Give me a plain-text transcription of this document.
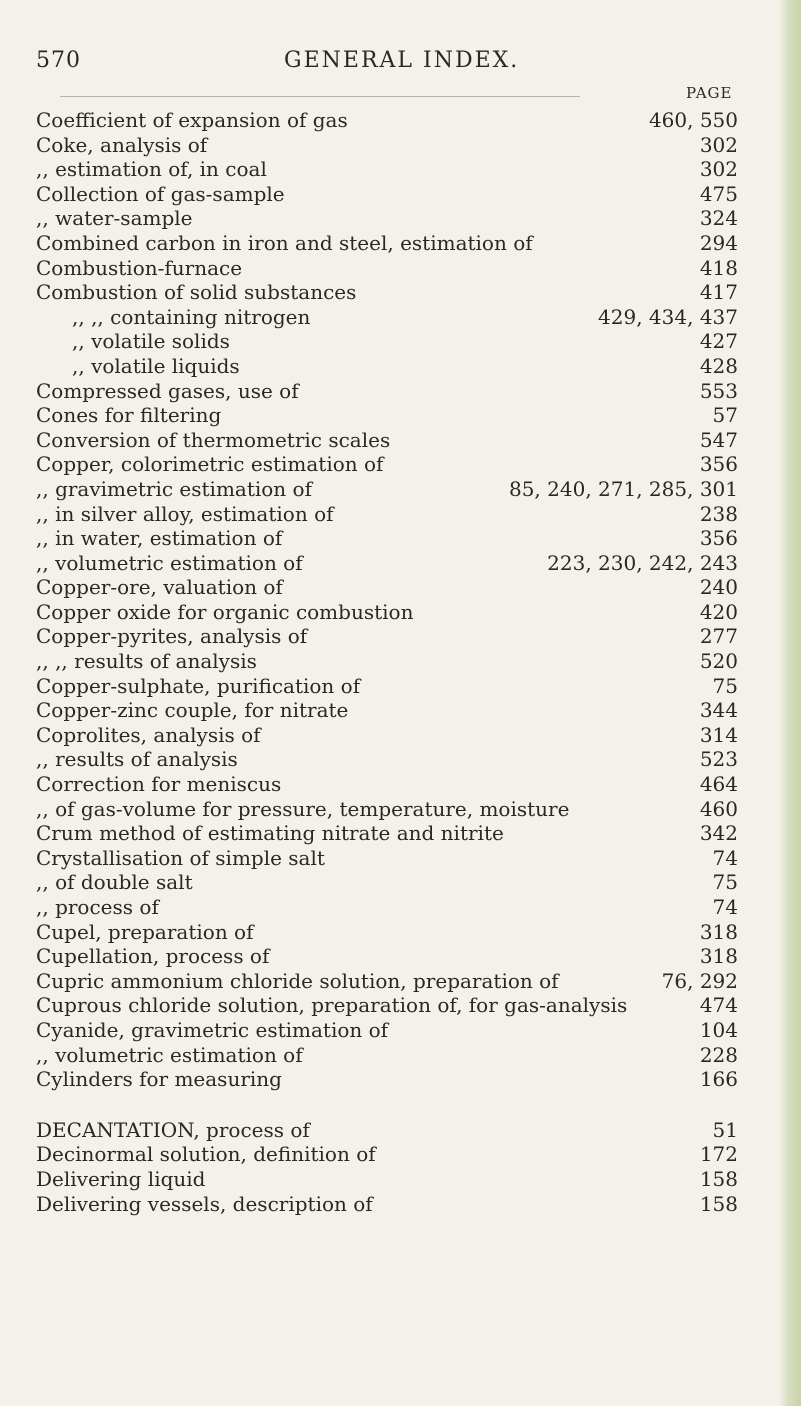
570	GENERAL INDEX.
PAGE
Coefficient of expansion of gas	460, 550
Coke, analysis of	302
,, estimation of, in coal	302
Collection of gas-sample	475
,, water-sample	324
Combined carbon in iron and steel, estimation of	294
Combustion-furnace	418
Combustion of solid substances	417
,, ,, containing nitrogen	429, 434, 437
,, volatile solids	427
,, volatile liquids	428
Compressed gases, use of	553
Cones for filtering	57
Conversion of thermometric scales	547
Copper, colorimetric estimation of	356
,, gravimetric estimation of	85, 240, 271, 285, 301
,, in silver alloy, estimation of	238
,, in water, estimation of	356
,, volumetric estimation of	223, 230, 242, 243
Copper-ore, valuation of	240
Copper oxide for organic combustion	420
Copper-pyrites, analysis of	277
,, ,, results of analysis	520
Copper-sulphate, purification of	75
Copper-zinc couple, for nitrate	344
Coprolites, analysis of	314
,, results of analysis	523
Correction for meniscus	464
,, of gas-volume for pressure, temperature, moisture	460
Crum method of estimating nitrate and nitrite	342
Crystallisation of simple salt	74
,, of double salt	75
,, process of	74
Cupel, preparation of	318
Cupellation, process of	318
Cupric ammonium chloride solution, preparation of	76, 292
Cuprous chloride solution, preparation of, for gas-analysis	474
Cyanide, gravimetric estimation of	104
,, volumetric estimation of	228
Cylinders for measuring	166
DECANTATION, process of	51
Decinormal solution, definition of	172
Delivering liquid	158
Delivering vessels, description of	158
